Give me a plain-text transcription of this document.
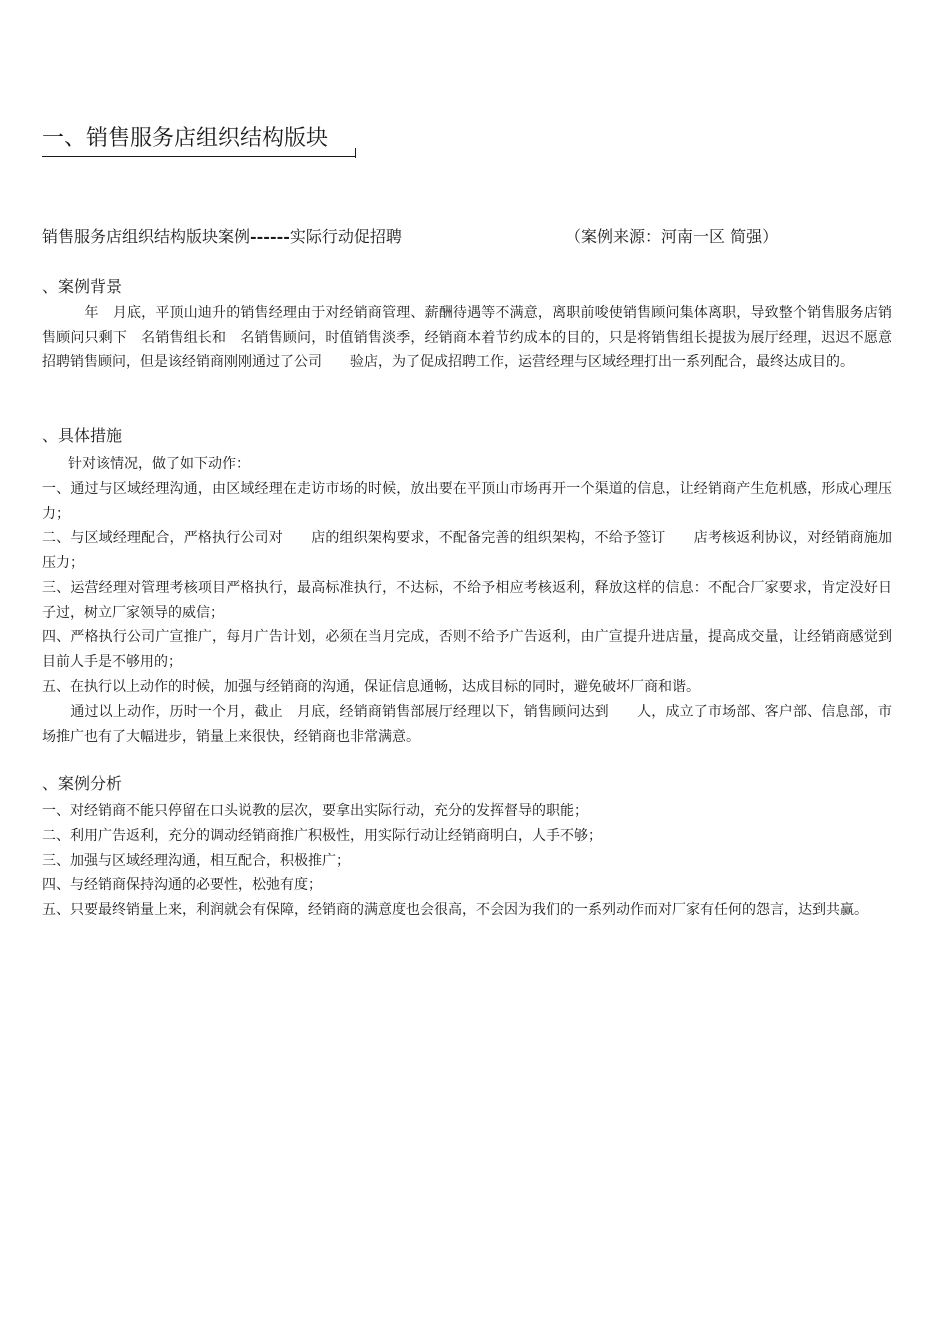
一、销售服务店组织结构版块
销售服务店组织结构版块案例------实际行动促招聘	（案例来源：河南一区 简强）
、案例背景
　　　年　月底，平顶山迪升的销售经理由于对经销商管理、薪酬待遇等不满意，离职前唆使销售顾问集体离职，导致整个销售服务店销售顾问只剩下　名销售组长和　名销售顾问，时值销售淡季，经销商本着节约成本的目的，只是将销售组长提拔为展厅经理，迟迟不愿意招聘销售顾问，但是该经销商刚刚通过了公司　　验店，为了促成招聘工作，运营经理与区域经理打出一系列配合，最终达成目的。
、具体措施
针对该情况，做了如下动作：
一、通过与区域经理沟通，由区域经理在走访市场的时候，放出要在平顶山市场再开一个渠道的信息，让经销商产生危机感，形成心理压力；
二、与区域经理配合，严格执行公司对　　店的组织架构要求，不配备完善的组织架构，不给予签订　　店考核返利协议，对经销商施加压力；
三、运营经理对管理考核项目严格执行，最高标准执行，不达标，不给予相应考核返利，释放这样的信息：不配合厂家要求，肯定没好日子过，树立厂家领导的威信；
四、严格执行公司广宣推广，每月广告计划，必须在当月完成，否则不给予广告返利，由广宣提升进店量，提高成交量，让经销商感觉到目前人手是不够用的；
五、在执行以上动作的时候，加强与经销商的沟通，保证信息通畅，达成目标的同时，避免破坏厂商和谐。
　　通过以上动作，历时一个月，截止　月底，经销商销售部展厅经理以下，销售顾问达到　　人，成立了市场部、客户部、信息部，市场推广也有了大幅进步，销量上来很快，经销商也非常满意。
、案例分析
一、对经销商不能只停留在口头说教的层次，要拿出实际行动，充分的发挥督导的职能；
二、利用广告返利，充分的调动经销商推广积极性，用实际行动让经销商明白，人手不够；
三、加强与区域经理沟通，相互配合，积极推广；
四、与经销商保持沟通的必要性，松弛有度；
五、只要最终销量上来，利润就会有保障，经销商的满意度也会很高，不会因为我们的一系列动作而对厂家有任何的怨言，达到共赢。
